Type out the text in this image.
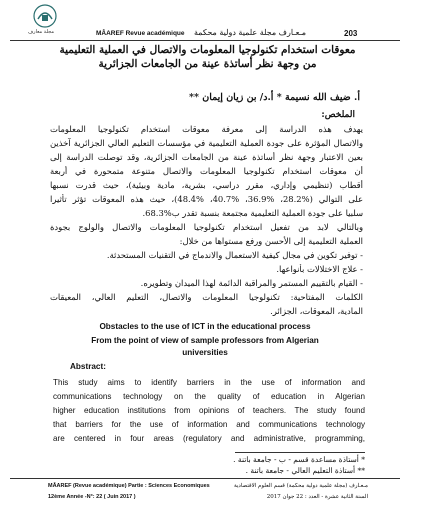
مجلة معارف	MÂAREF Revue académique مـعـارف مجلة علمية دولية محكمة	203
معوقات استخدام تكنولوجيا المعلومات والاتصال في العملية التعليمية
من وجهة نظر أساتذة عينة من الجامعات الجزائرية
أ. ضيف الله نسيمة * أ.د/ بن زيان إيمان **
الملخص:
يهدف هذه الدراسة إلى معرفة معوقات استخدام تكنولوجيا المعلومات
والاتصال المؤثرة على جودة العملية التعليمية في مؤسسات التعليم العالي الجزائرية آخذين
بعين الاعتبار وجهة نظر أساتذة عينة من الجامعات الجزائرية، وقد توصلت الدراسة إلى
أن معوقات استخدام تكنولوجيا المعلومات والاتصال متنوعة متمحورة في أربعة
أقطاب (تنظيمي وإداري، مقرر دراسي، بشرية، مادية وبيئية)، حيث قدرت نسبها
على التوالي (%28.2، %36.9، %40.7، %48.4)، حيث هذه المعوقات تؤثر تأثيرا
سلبيا على جودة العملية التعليمية مجتمعة بنسبة تقدر ب%68.3.
وبالتالي لابد من تفعيل استخدام تكنولوجيا المعلومات والاتصال والولوج بجودة
العملية التعليمية إلى الأحسن ورفع مستواها من خلال:
- توفير تكوين في مجال كيفية الاستعمال والاندماج في التقنيات المستحدثة.
- علاج الاختلالات بأنواعها.
- القيام بالتقييم المستمر والمراقبة الدائمة لهذا الميدان وتطويره.
الكلمات المفتاحية: تكنولوجيا المعلومات والاتصال، التعليم العالي، المعيقات
المادية، المعوقات، الجزائر.
Obstacles to the use of ICT in the educational process
From the point of view of sample professors from Algerian
universities
Abstract:
This study aims to identify barriers in the use of information and
communications technology on the quality of education in Algerian
higher education institutions from opinions of teachers. The study found
that barriers for the use of information and communications technology
are centered in four areas (regulatory and administrative, programming,
* أستاذة مساعدة قسم - ب - جامعة باتنة .
** أستاذة التعليم العالي - جامعة باتنة .
MÂAREF (Revue académique) Partie : Sciences Economiques
12ème Année -N°: 22 ( Juin 2017 )
مـعـارف (مجلة علمية دولية محكمة) قسم العلوم الاقتصادية
السنة الثانية عشرة - العدد : 22 جوان 2017
